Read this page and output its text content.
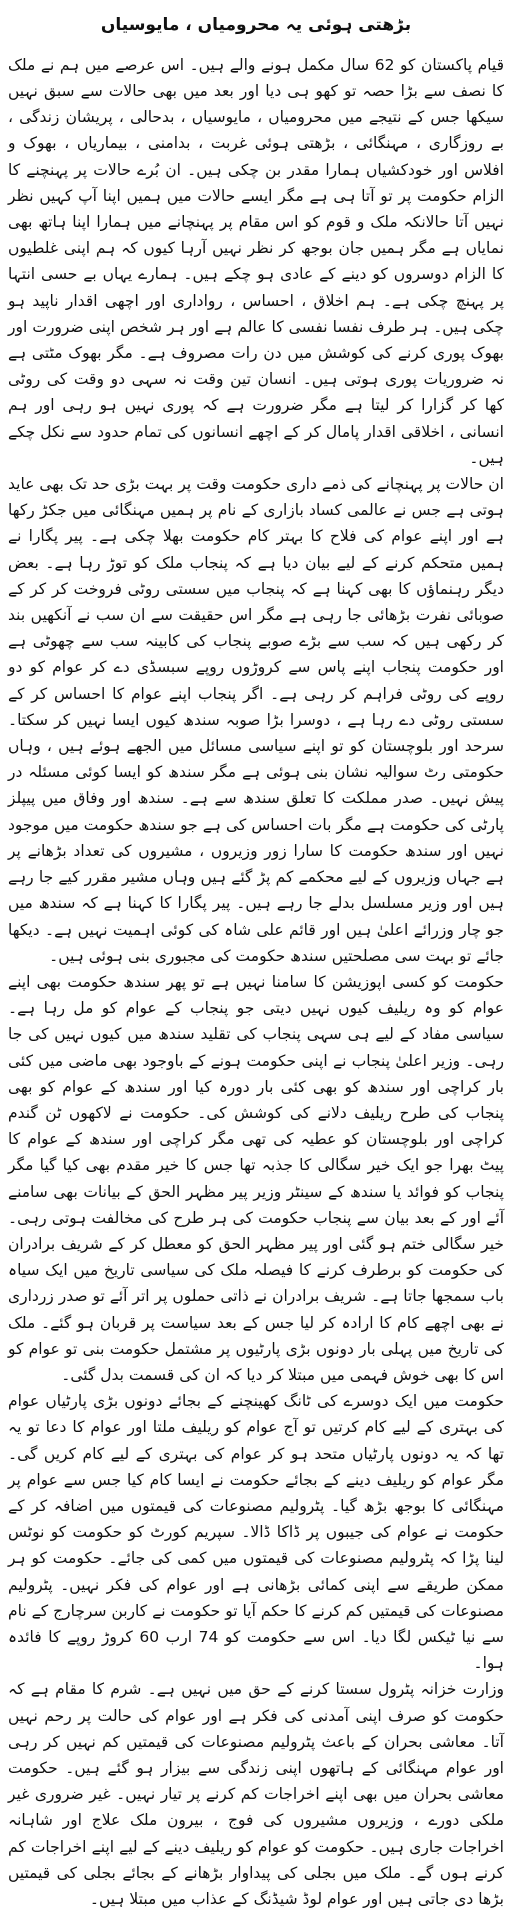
بڑھتی ہوئی یہ محرومیاں ، مایوسیاں

قیام پاکستان کو 62 سال مکمل ہونے والے ہیں۔ اس عرصے میں ہم نے ملک کا نصف سے بڑا حصہ تو کھو ہی دیا اور بعد میں بھی حالات سے سبق نہیں سیکھا جس کے نتیجے میں محرومیاں ، مایوسیاں ، بدحالی ، پریشان زندگی ، بے روزگاری ، مہنگائی ، بڑھتی ہوئی غربت ، بدامنی ، بیماریاں ، بھوک و افلاس اور خودکشیاں ہمارا مقدر بن چکی ہیں۔ ان بُرے حالات پر پہنچنے کا الزام حکومت پر تو آتا ہی ہے مگر ایسے حالات میں ہمیں اپنا آپ کہیں نظر نہیں آتا حالانکہ ملک و قوم کو اس مقام پر پہنچانے میں ہمارا اپنا ہاتھ بھی نمایاں ہے مگر ہمیں جان بوجھ کر نظر نہیں آرہا کیوں کہ ہم اپنی غلطیوں کا الزام دوسروں کو دینے کے عادی ہو چکے ہیں۔ ہمارے یہاں بے حسی انتہا پر پہنچ چکی ہے۔ ہم اخلاق ، احساس ، رواداری اور اچھی اقدار ناپید ہو چکی ہیں۔ ہر طرف نفسا نفسی کا عالم ہے اور ہر شخص اپنی ضرورت اور بھوک پوری کرنے کی کوشش میں دن رات مصروف ہے۔ مگر بھوک مٹتی ہے نہ ضروریات پوری ہوتی ہیں۔ انسان تین وقت نہ سہی دو وقت کی روٹی کھا کر گزارا کر لیتا ہے مگر ضرورت ہے کہ پوری نہیں ہو رہی اور ہم انسانی ، اخلاقی اقدار پامال کر کے اچھے انسانوں کی تمام حدود سے نکل چکے ہیں۔

ان حالات پر پہنچانے کی ذمے داری حکومت وقت پر بہت بڑی حد تک بھی عاید ہوتی ہے جس نے عالمی کساد بازاری کے نام پر ہمیں مہنگائی میں جکڑ رکھا ہے اور اپنے عوام کی فلاح کا بہتر کام حکومت بھلا چکی ہے۔ پیر پگارا نے ہمیں متحکم کرنے کے لیے بیان دیا ہے کہ پنجاب ملک کو توڑ رہا ہے۔ بعض دیگر رہنماؤں کا بھی کہنا ہے کہ پنجاب میں سستی روٹی فروخت کر کر کے صوبائی نفرت بڑھائی جا رہی ہے مگر اس حقیقت سے ان سب نے آنکھیں بند کر رکھی ہیں کہ سب سے بڑے صوبے پنجاب کی کابینہ سب سے چھوٹی ہے اور حکومت پنجاب اپنے پاس سے کروڑوں روپے سبسڈی دے کر عوام کو دو روپے کی روٹی فراہم کر رہی ہے۔ اگر پنجاب اپنے عوام کا احساس کر کے سستی روٹی دے رہا ہے ، دوسرا بڑا صوبہ سندھ کیوں ایسا نہیں کر سکتا۔ سرحد اور بلوچستان کو تو اپنے سیاسی مسائل میں الجھے ہوئے ہیں ، وہاں حکومتی رٹ سوالیہ نشان بنی ہوئی ہے مگر سندھ کو ایسا کوئی مسئلہ در پیش نہیں۔ صدر مملکت کا تعلق سندھ سے ہے۔ سندھ اور وفاق میں پیپلز پارٹی کی حکومت ہے مگر بات احساس کی ہے جو سندھ حکومت میں موجود نہیں اور سندھ حکومت کا سارا زور وزیروں ، مشیروں کی تعداد بڑھانے پر ہے جہاں وزیروں کے لیے محکمے کم پڑ گئے ہیں وہاں مشیر مقرر کیے جا رہے ہیں اور وزیر مسلسل بدلے جا رہے ہیں۔ پیر پگارا کا کہنا ہے کہ سندھ میں جو چار وزرائے اعلیٰ ہیں اور قائم علی شاہ کی کوئی اہمیت نہیں ہے۔ دیکھا جائے تو بہت سی مصلحتیں سندھ حکومت کی مجبوری بنی ہوئی ہیں۔

حکومت کو کسی اپوزیشن کا سامنا نہیں ہے تو پھر سندھ حکومت بھی اپنے عوام کو وہ ریلیف کیوں نہیں دیتی جو پنجاب کے عوام کو مل رہا ہے۔ سیاسی مفاد کے لیے ہی سہی پنجاب کی تقلید سندھ میں کیوں نہیں کی جا رہی۔ وزیر اعلیٰ پنجاب نے اپنی حکومت ہونے کے باوجود بھی ماضی میں کئی بار کراچی اور سندھ کو بھی کئی بار دورہ کیا اور سندھ کے عوام کو بھی پنجاب کی طرح ریلیف دلانے کی کوشش کی۔ حکومت نے لاکھوں ٹن گندم کراچی اور بلوچستان کو عطیہ کی تھی مگر کراچی اور سندھ کے عوام کا پیٹ بھرا جو ایک خیر سگالی کا جذبہ تھا جس کا خیر مقدم بھی کیا گیا مگر پنجاب کو فوائد یا سندھ کے سینٹر وزیر پیر مظہر الحق کے بیانات بھی سامنے آئے اور کے بعد بیان سے پنجاب حکومت کی ہر طرح کی مخالفت ہوتی رہی۔ خیر سگالی ختم ہو گئی اور پیر مظہر الحق کو معطل کر کے شریف برادران کی حکومت کو برطرف کرنے کا فیصلہ ملک کی سیاسی تاریخ میں ایک سیاہ باب سمجھا جاتا ہے۔ شریف برادران نے ذاتی حملوں پر اتر آئے تو صدر زرداری نے بھی اچھے کام کا ارادہ کر لیا جس کے بعد سیاست پر قربان ہو گئے۔ ملک کی تاریخ میں پہلی بار دونوں بڑی پارٹیوں پر مشتمل حکومت بنی تو عوام کو اس کا بھی خوش فہمی میں مبتلا کر دیا کہ ان کی قسمت بدل گئی۔

حکومت میں ایک دوسرے کی ٹانگ کھینچنے کے بجائے دونوں بڑی پارٹیاں عوام کی بہتری کے لیے کام کرتیں تو آج عوام کو ریلیف ملتا اور عوام کا دعا تو یہ تھا کہ یہ دونوں پارٹیاں متحد ہو کر عوام کی بہتری کے لیے کام کریں گی۔ مگر عوام کو ریلیف دینے کے بجائے حکومت نے ایسا کام کیا جس سے عوام پر مہنگائی کا بوجھ بڑھ گیا۔ پٹرولیم مصنوعات کی قیمتوں میں اضافہ کر کے حکومت نے عوام کی جیبوں پر ڈاکا ڈالا۔ سپریم کورٹ کو حکومت کو نوٹس لینا پڑا کہ پٹرولیم مصنوعات کی قیمتوں میں کمی کی جائے۔ حکومت کو ہر ممکن طریقے سے اپنی کمائی بڑھانی ہے اور عوام کی فکر نہیں۔ پٹرولیم مصنوعات کی قیمتیں کم کرنے کا حکم آیا تو حکومت نے کاربن سرچارج کے نام سے نیا ٹیکس لگا دیا۔ اس سے حکومت کو 74 ارب 60 کروڑ روپے کا فائدہ ہوا۔

وزارت خزانہ پٹرول سستا کرنے کے حق میں نہیں ہے۔ شرم کا مقام ہے کہ حکومت کو صرف اپنی آمدنی کی فکر ہے اور عوام کی حالت پر رحم نہیں آتا۔ معاشی بحران کے باعث پٹرولیم مصنوعات کی قیمتیں کم نہیں کر رہی اور عوام مہنگائی کے ہاتھوں اپنی زندگی سے بیزار ہو گئے ہیں۔ حکومت معاشی بحران میں بھی اپنے اخراجات کم کرنے پر تیار نہیں۔ غیر ضروری غیر ملکی دورے ، وزیروں مشیروں کی فوج ، بیرون ملک علاج اور شاہانہ اخراجات جاری ہیں۔ حکومت کو عوام کو ریلیف دینے کے لیے اپنے اخراجات کم کرنے ہوں گے۔ ملک میں بجلی کی پیداوار بڑھانے کے بجائے بجلی کی قیمتیں بڑھا دی جاتی ہیں اور عوام لوڈ شیڈنگ کے عذاب میں مبتلا ہیں۔
